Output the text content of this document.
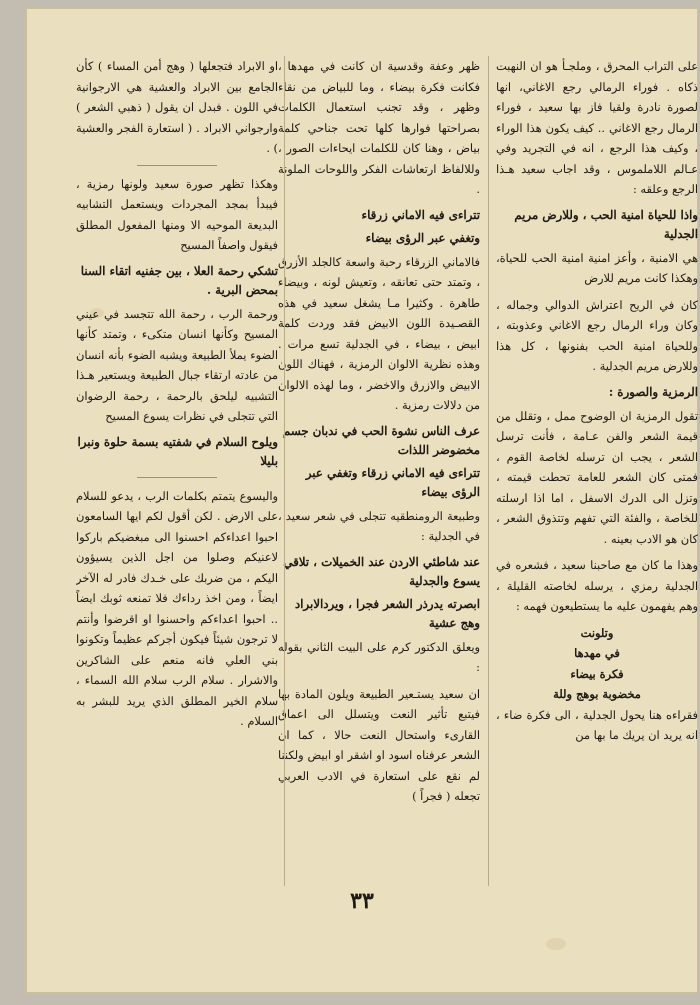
على التراب المحرق ، وملجـأ هو ان النهبت ذكاه . فوراء الرمالي رجع الاغاني، انها لصورة نادرة ولقيا فاز بها سعيد ، فوراء الرمال رجع الاغاني .. كيف يكون هذا الوراء ، وكيف هذا الرجع ، انه في التجريد وفي عـالم اللاملموس ، وقد اجاب سعيد هـذا الرجع وعلقه :

واذا للحياة امنية الحب ، وللارض مريم الجدلية

هي الامنية ، وأعز امنية امنية الحب للحياة، وهكذا كانت مريم للارض

كان في الريح اعتراش الدوالي وجماله ، وكان وراء الرمال رجع الاغاني وعذوبته ، وللحياة امنية الحب بفنونها ، كل هذا وللارض مريم الجدلية .

الرمزية والصورة :

تقول الرمزية ان الوضوح ممل ، وتقلل من قيمة الشعر والفن عـامة ، فأنت ترسل الشعر ، يجب ان ترسله لخاصة القوم ، فمتى كان الشعر للعامة تحطت قيمته ، وتزل الى الدرك الاسفل ، اما اذا ارسلته للخاصة ، والفئة التي تفهم وتتذوق الشعر ، كان هو الادب بعينه .

وهذا ما كان مع صاحبنا سعيد ، فشعره في الجدلية رمزي ، يرسله لخاصته القليلة ، وهم يفهمون عليه ما يستطيعون فهمه :

وتلونت
في مهدها
فكرة بيضاء
مخضوبة بوهج وللة

فقراءه هنا يحول الجدلية ، الى فكرة ضاء ، انه يريد ان يريك ما بها من

ظهر وعفة وقدسية ان كانت في مهدها ، فكانت فكرة بيضاء ، وما للبياض من نقاء وظهر ، وقد تجنب استعمال الكلمات بصراحتها فوارها كلها تحت جناحي كلمة بياض ، وهنا كان للكلمات ايحاءات الصور ، وللالفاظ ارتعاشات الفكر واللوحات الملونة .

تتراءى فيه الاماني زرقاء
وتغفي عبر الرؤى بيضاء

فالاماني الزرقاء رحبة واسعة كالجلد الأزرق ، وتمتد حتى تعانقه ، وتعيش لونه ، وبيضاء طاهرة . وكثيرا مـا يشغل سعيد في هذه القصـيدة اللون الابيض فقد وردت كلمة ابيض ، بيضاء ، في الجدلية تسع مرات . وهذه نظرية الالوان الرمزية ، فهناك اللون الابيض والازرق والاخضر ، وما لهذه الالوان من دلالات رمزية .

عرف الناس نشوة الحب في ندبان جسم مخضوضر اللذات
تتراءى فيه الاماني زرقاء وتغفي عبر الرؤى بيضاء

وطبيعة الرومنطقيه تتجلى في شعر سعيد ، في الجدلية :

عند شاطئي الاردن عند الخميلات ، تلاقي يسوع والجدلية
ابصرته يدرذر الشعر فجرا ، ويردالابراد وهج عشية

ويعلق الدكتور كرم على البيت الثاني بقوله :

ان سعيد يستـعير الطبيعة ويلون المادة بها فيتبع تأثير النعت ويتسلل الى اعماق القارىء واستحال النعت حالا ، كما ان الشعر عرفناه اسود او اشقر او ابيض ولكننا لم نقع على استعارة في الادب العربي تجعله ( فجراً )

او الابراد فتجعلها ( وهج أمن المساء ) كأن الجامع بين الابراد والعشية هي الارجوانية في اللون . فبدل ان يقول ( ذهبي الشعر ) وارجواني الابراد . ( استعارة الفجر والعشية ) .

وهكذا تظهر صورة سعيد ولونها رمزية ، فيبدأ بمجد المجردات ويستعمل التشابيه البديعة الموحيه الا ومنها المفعول المطلق فيقول واصفاً المسيح

تشكي رحمة العلا ، بين جفنيه اتقاء السنا بمحض البرية .

ورحمة الرب ، رحمة الله تتجسد في عيني المسيح وكأنها انسان متكىء ، وتمتد كأنها الضوء يملأ الطبيعة ويشبه الضوء بأنه انسان من عادته ارتقاء جبال الطبيعة ويستعير هـذا التشبيه ليلحق بالرحمة ، رحمة الرضوان التي تتجلى في نظرات يسوع المسيح

ويلوح السلام في شفتيه بسمة حلوة ونبرا بليلا

واليسوع يتمتم بكلمات الرب ، يدعو للسلام على الارض . لكن أقول لكم ايها السامعون احبوا اعداءكم احسنوا الى مبغضيكم باركوا لاعنيكم وصلوا من اجل الذين يسيؤون اليكم ، من ضربك على خـدك فادر له الآخر ايضاً ، ومن اخذ رداءك فلا تمنعه ثوبك ايضاً .. احبوا اعداءكم واحسنوا او اقرضوا وأنتم لا ترجون شيئاً فيكون أجركم عظيماً وتكونوا بني العلي فانه منعم على الشاكرين والاشرار . سلام الرب سلام الله السماء ، سلام الخير المطلق الذي يريد للبشر به السلام .

٣٣
